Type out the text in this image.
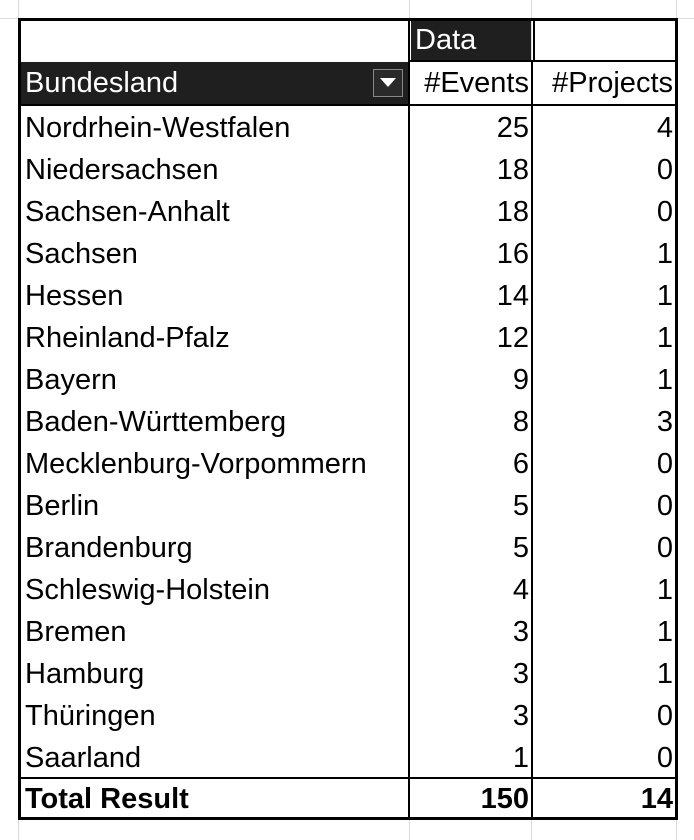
Data
Bundesland	#Events #Projects
Nordrhein-Westfalen	25	4
Niedersachsen	18	0
Sachsen-Anhalt	18	0
Sachsen	16	1
Hessen	14	1
Rheinland-Pfalz	12	1
Bayern	9	1
Baden-Württemberg	8	3
Mecklenburg-Vorpommern	6	0
Berlin	5	0
Brandenburg	5	0
Schleswig-Holstein	4	1
Bremen	3	1
Hamburg	3	1
Thüringen	3	0
Saarland	1	0
Total Result	150	14
